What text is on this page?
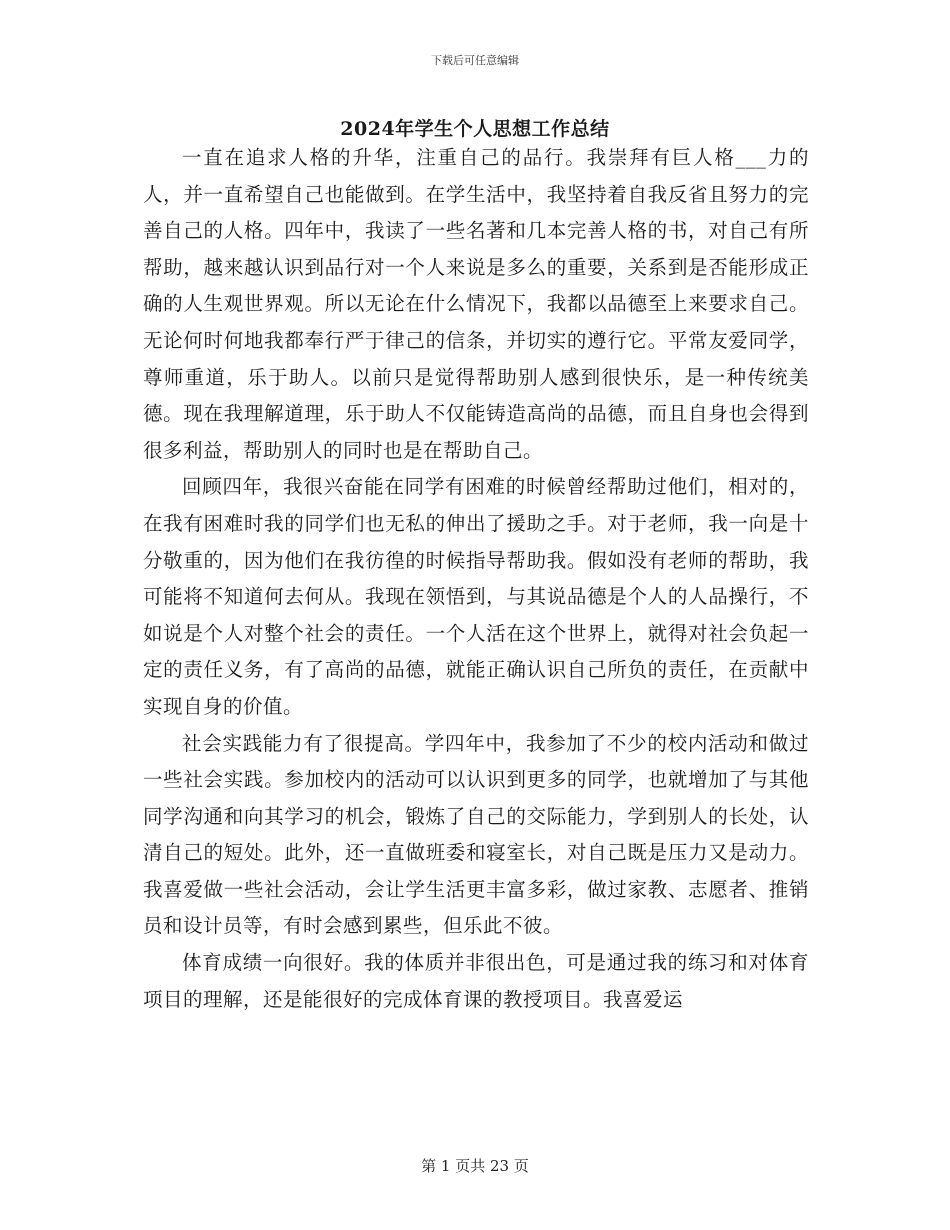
下载后可任意编辑
2024年学生个人思想工作总结

一直在追求人格的升华，注重自己的品行。我崇拜有巨人格___力的人，并一直希望自己也能做到。在学生活中，我坚持着自我反省且努力的完善自己的人格。四年中，我读了一些名著和几本完善人格的书，对自己有所帮助，越来越认识到品行对一个人来说是多么的重要，关系到是否能形成正确的人生观世界观。所以无论在什么情况下，我都以品德至上来要求自己。无论何时何地我都奉行严于律己的信条，并切实的遵行它。平常友爱同学，尊师重道，乐于助人。以前只是觉得帮助别人感到很快乐，是一种传统美德。现在我理解道理，乐于助人不仅能铸造高尚的品德，而且自身也会得到很多利益，帮助别人的同时也是在帮助自己。

回顾四年，我很兴奋能在同学有困难的时候曾经帮助过他们，相对的，在我有困难时我的同学们也无私的伸出了援助之手。对于老师，我一向是十分敬重的，因为他们在我彷徨的时候指导帮助我。假如没有老师的帮助，我可能将不知道何去何从。我现在领悟到，与其说品德是个人的人品操行，不如说是个人对整个社会的责任。一个人活在这个世界上，就得对社会负起一定的责任义务，有了高尚的品德，就能正确认识自己所负的责任，在贡献中实现自身的价值。

社会实践能力有了很提高。学四年中，我参加了不少的校内活动和做过一些社会实践。参加校内的活动可以认识到更多的同学，也就增加了与其他同学沟通和向其学习的机会，锻炼了自己的交际能力，学到别人的长处，认清自己的短处。此外，还一直做班委和寝室长，对自己既是压力又是动力。我喜爱做一些社会活动，会让学生活更丰富多彩，做过家教、志愿者、推销员和设计员等，有时会感到累些，但乐此不彼。

体育成绩一向很好。我的体质并非很出色，可是通过我的练习和对体育项目的理解，还是能很好的完成体育课的教授项目。我喜爱运

第 1 页共 23 页
